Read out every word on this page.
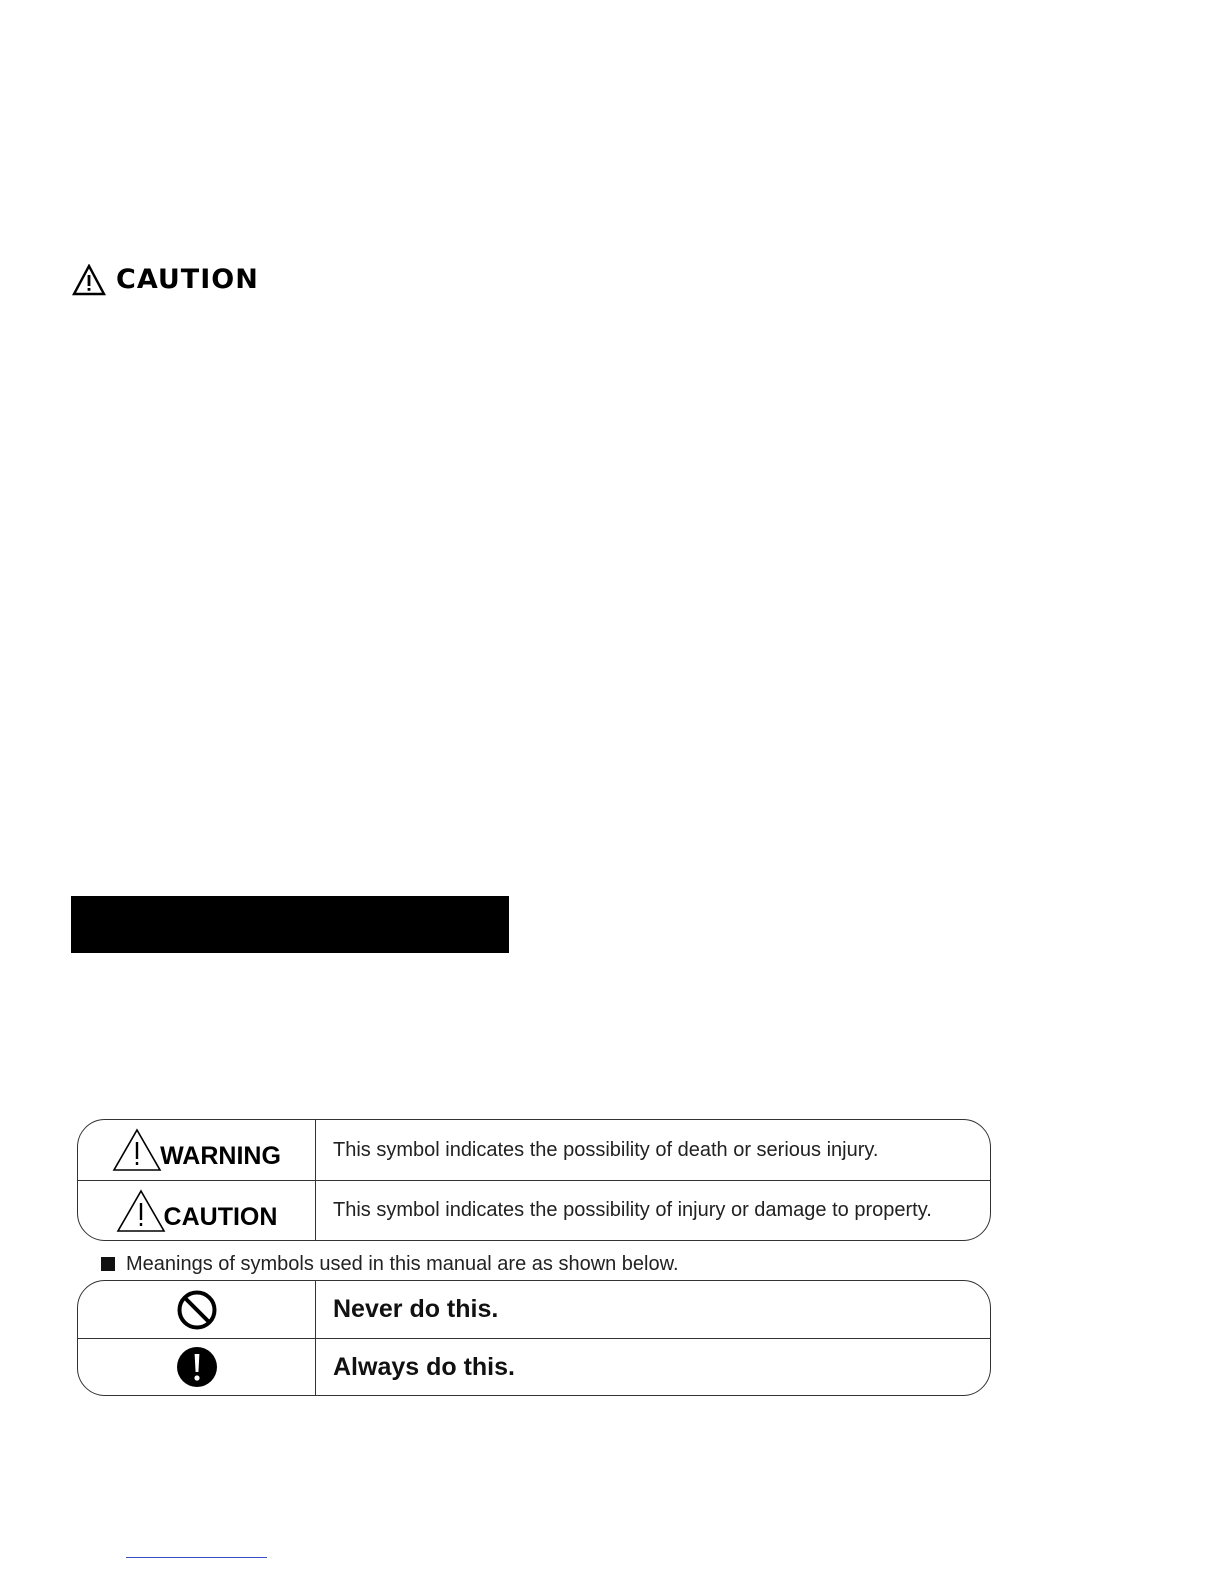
CAUTION
WARNING	This symbol indicates the possibility of death or serious injury.
CAUTION	This symbol indicates the possibility of injury or damage to property.
Meanings of symbols used in this manual are as shown below.
Never do this.
Always do this.
